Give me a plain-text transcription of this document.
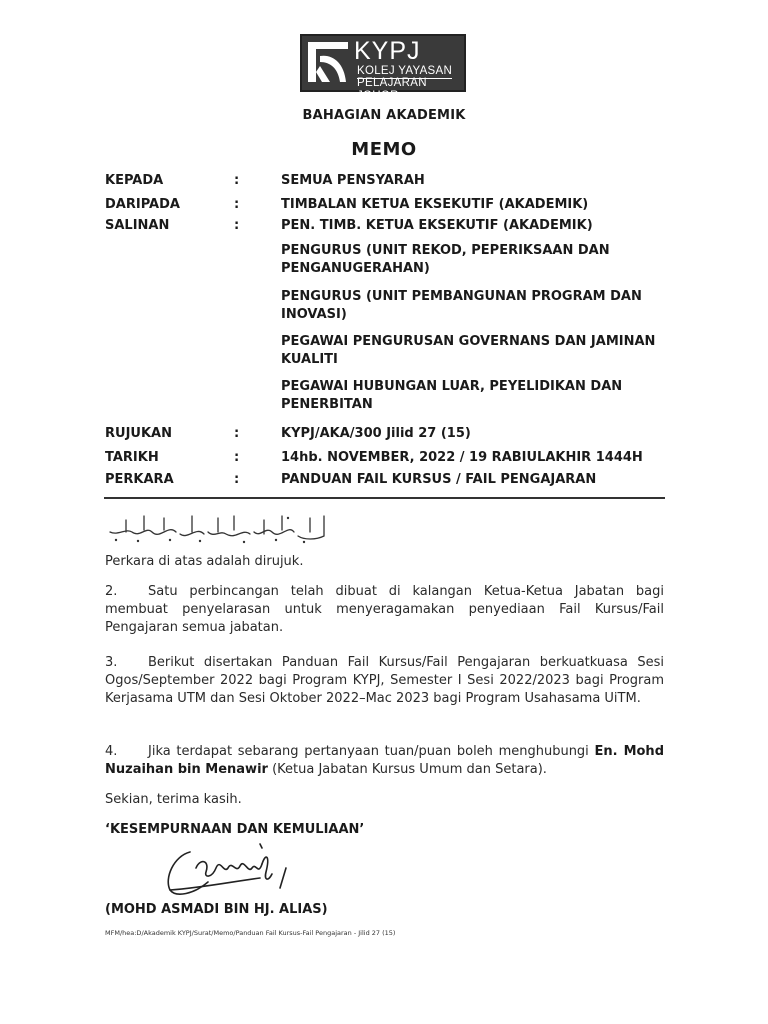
KYPJ
KOLEJ YAYASAN
PELAJARAN JOHOR
BAHAGIAN AKADEMIK
MEMO
KEPADA	:	SEMUA PENSYARAH
DARIPADA	:	TIMBALAN KETUA EKSEKUTIF (AKADEMIK)
SALINAN	:	PEN. TIMB. KETUA EKSEKUTIF (AKADEMIK)
PENGURUS (UNIT REKOD, PEPERIKSAAN DAN PENGANUGERAHAN)
PENGURUS (UNIT PEMBANGUNAN PROGRAM DAN INOVASI)
PEGAWAI PENGURUSAN GOVERNANS DAN JAMINAN KUALITI
PEGAWAI HUBUNGAN LUAR, PEYELIDIKAN DAN PENERBITAN
RUJUKAN	:	KYPJ/AKA/300 Jilid 27 (15)
TARIKH	:	14hb. NOVEMBER, 2022 / 19 RABIULAKHIR 1444H
PERKARA	:	PANDUAN FAIL KURSUS / FAIL PENGAJARAN
Perkara di atas adalah dirujuk.
2. Satu perbincangan telah dibuat di kalangan Ketua-Ketua Jabatan bagi membuat penyelarasan untuk menyeragamakan penyediaan Fail Kursus/Fail Pengajaran semua jabatan.
3. Berikut disertakan Panduan Fail Kursus/Fail Pengajaran berkuatkuasa Sesi Ogos/September 2022 bagi Program KYPJ, Semester I Sesi 2022/2023 bagi Program Kerjasama UTM dan Sesi Oktober 2022–Mac 2023 bagi Program Usahasama UiTM.
4. Jika terdapat sebarang pertanyaan tuan/puan boleh menghubungi En. Mohd Nuzaihan bin Menawir (Ketua Jabatan Kursus Umum dan Setara).
Sekian, terima kasih.
‘KESEMPURNAAN DAN KEMULIAAN’
(MOHD ASMADI BIN HJ. ALIAS)
MFM/hea:D/Akademik KYPJ/Surat/Memo/Panduan Fail Kursus-Fail Pengajaran - Jilid 27 (15)
